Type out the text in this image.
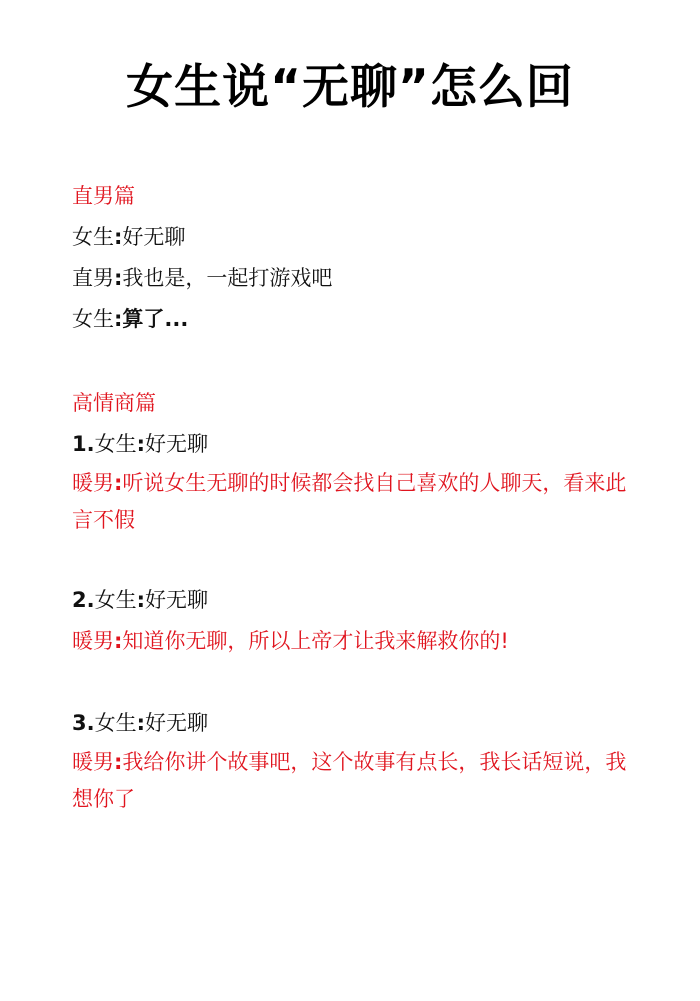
女生说“无聊”怎么回
直男篇
女生:好无聊
直男:我也是，一起打游戏吧
女生:算了...
高情商篇
1.女生:好无聊
暖男:听说女生无聊的时候都会找自己喜欢的人聊天，看来此言不假
2.女生:好无聊
暖男:知道你无聊，所以上帝才让我来解救你的!
3.女生:好无聊
暖男:我给你讲个故事吧，这个故事有点长，我长话短说，我想你了
